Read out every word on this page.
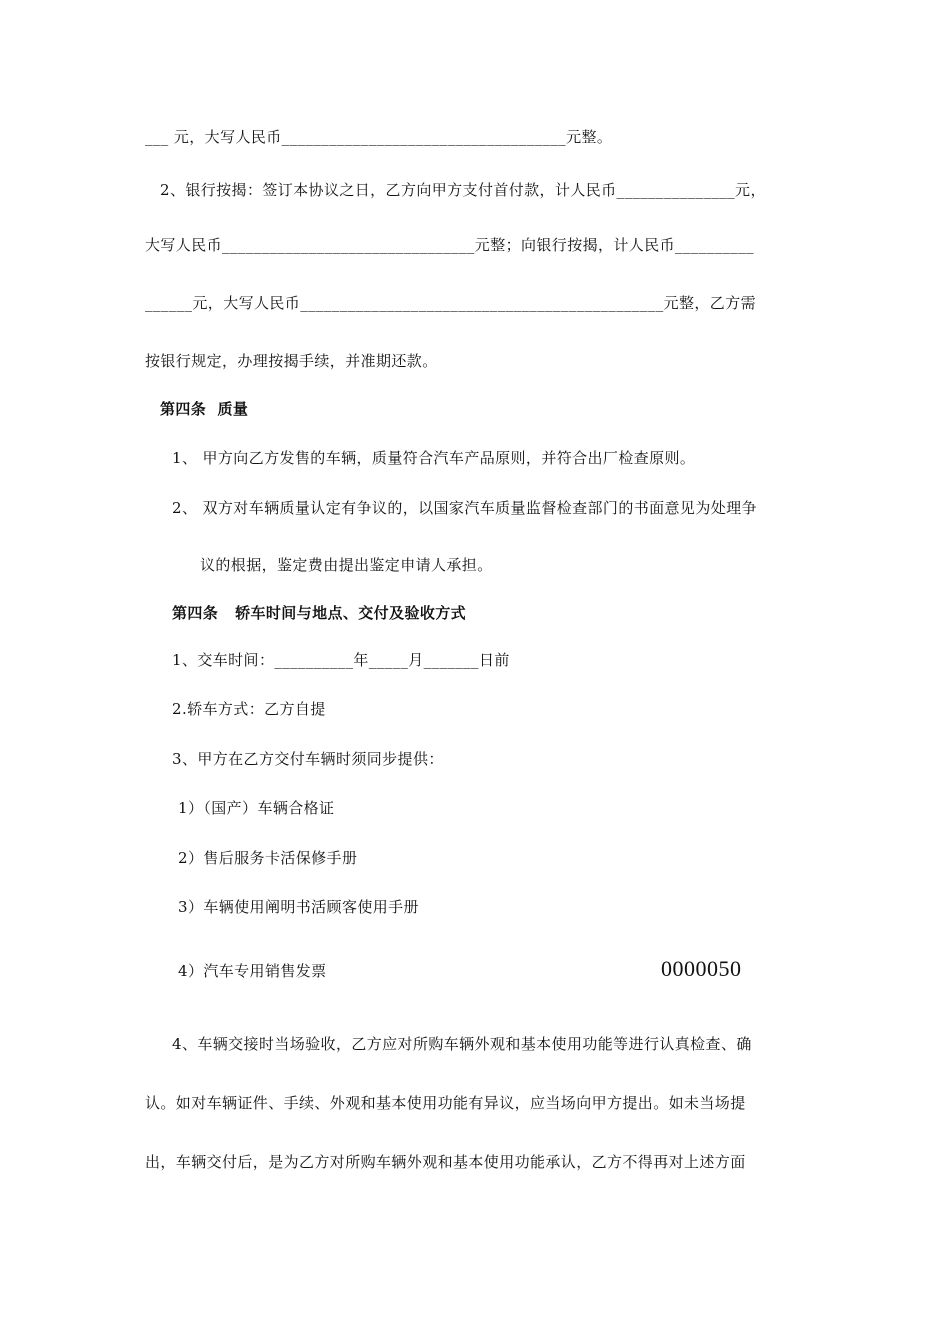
___ 元，大写人民币____________________________________元整。
2、银行按揭：签订本协议之日，乙方向甲方支付首付款，计人民币_______________元，
大写人民币________________________________元整；向银行按揭，计人民币__________
______元，大写人民币______________________________________________元整，乙方需
按银行规定，办理按揭手续，并准期还款。
第四条  质量
1、 甲方向乙方发售的车辆，质量符合汽车产品原则，并符合出厂检查原则。
2、 双方对车辆质量认定有争议的，以国家汽车质量监督检查部门的书面意见为处理争
议的根据，鉴定费由提出鉴定申请人承担。
第四条   轿车时间与地点、交付及验收方式
1、交车时间：__________年_____月_______日前
2.轿车方式：乙方自提
3、甲方在乙方交付车辆时须同步提供：
1）（国产）车辆合格证
2）售后服务卡活保修手册
3）车辆使用阐明书活顾客使用手册
4）汽车专用销售发票	0000050
4、车辆交接时当场验收，乙方应对所购车辆外观和基本使用功能等进行认真检查、确
认。如对车辆证件、手续、外观和基本使用功能有异议，应当场向甲方提出。如未当场提
出，车辆交付后，是为乙方对所购车辆外观和基本使用功能承认，乙方不得再对上述方面
